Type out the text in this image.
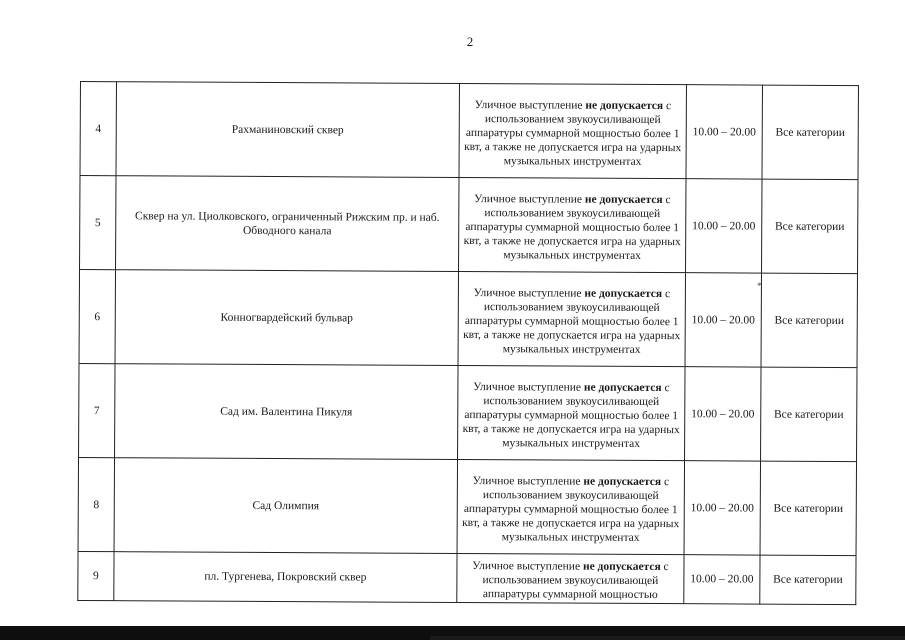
2
4	Рахманиновский сквер	Уличное выступление не допускается с использованием звукоусиливающей аппаратуры суммарной мощностью более 1 квт, а также не допускается игра на ударных музыкальных инструментах	10.00 – 20.00	Все категории
5	Сквер на ул. Циолковского, ограниченный Рижским пр. и наб. Обводного канала	Уличное выступление не допускается с использованием звукоусиливающей аппаратуры суммарной мощностью более 1 квт, а также не допускается игра на ударных музыкальных инструментах	10.00 – 20.00	Все категории
6	Конногвардейский бульвар	Уличное выступление не допускается с использованием звукоусиливающей аппаратуры суммарной мощностью более 1 квт, а также не допускается игра на ударных музыкальных инструментах	10.00 – 20.00	Все категории
7	Сад им. Валентина Пикуля	Уличное выступление не допускается с использованием звукоусиливающей аппаратуры суммарной мощностью более 1 квт, а также не допускается игра на ударных музыкальных инструментах	10.00 – 20.00	Все категории
8	Сад Олимпия	Уличное выступление не допускается с использованием звукоусиливающей аппаратуры суммарной мощностью более 1 квт, а также не допускается игра на ударных музыкальных инструментах	10.00 – 20.00	Все категории
9	пл. Тургенева, Покровский сквер	Уличное выступление не допускается с использованием звукоусиливающей аппаратуры суммарной мощностью	10.00 – 20.00	Все категории
*
